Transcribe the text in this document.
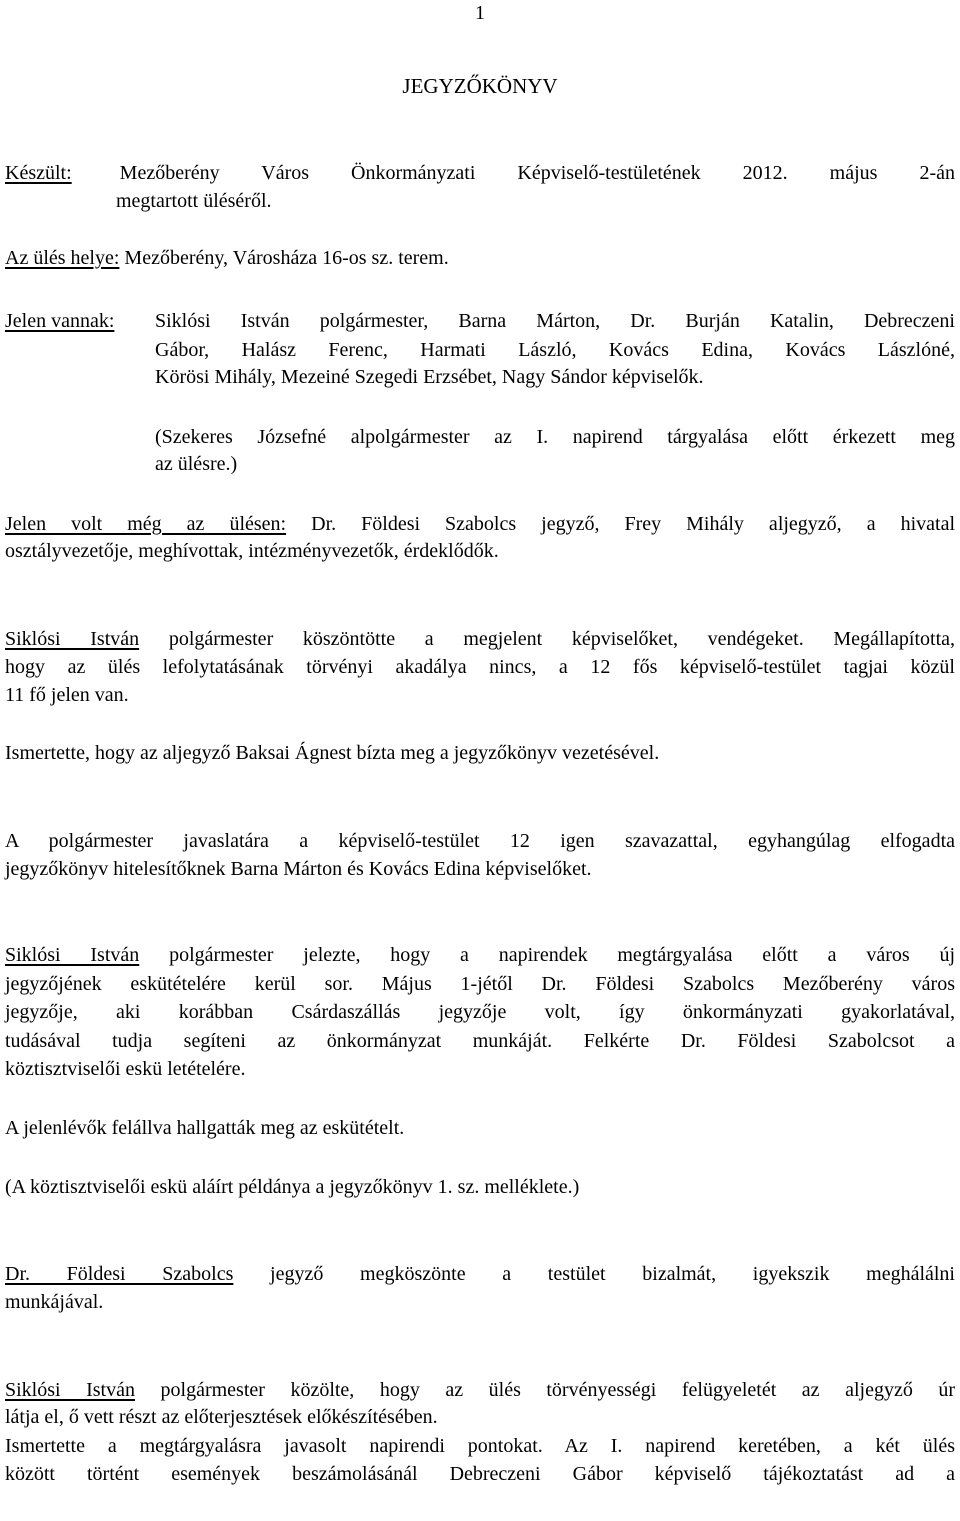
1
JEGYZŐKÖNYV
Készült: Mezőberény Város Önkormányzati Képviselő-testületének 2012. május 2-án
megtartott üléséről.
Az ülés helye: Mezőberény, Városháza 16-os sz. terem.
Jelen vannak:	Siklósi István polgármester, Barna Márton, Dr. Burján Katalin, Debreczeni
Gábor, Halász Ferenc, Harmati László, Kovács Edina, Kovács Lászlóné,
Körösi Mihály, Mezeiné Szegedi Erzsébet, Nagy Sándor képviselők.
(Szekeres Józsefné alpolgármester az I. napirend tárgyalása előtt érkezett meg
az ülésre.)
Jelen volt még az ülésen: Dr. Földesi Szabolcs jegyző, Frey Mihály aljegyző, a hivatal
osztályvezetője, meghívottak, intézményvezetők, érdeklődők.
Siklósi István polgármester köszöntötte a megjelent képviselőket, vendégeket. Megállapította,
hogy az ülés lefolytatásának törvényi akadálya nincs, a 12 fős képviselő-testület tagjai közül
11 fő jelen van.
Ismertette, hogy az aljegyző Baksai Ágnest bízta meg a jegyzőkönyv vezetésével.
A polgármester javaslatára a képviselő-testület 12 igen szavazattal, egyhangúlag elfogadta
jegyzőkönyv hitelesítőknek Barna Márton és Kovács Edina képviselőket.
Siklósi István polgármester jelezte, hogy a napirendek megtárgyalása előtt a város új
jegyzőjének eskütételére kerül sor. Május 1-jétől Dr. Földesi Szabolcs Mezőberény város
jegyzője, aki korábban Csárdaszállás jegyzője volt, így önkormányzati gyakorlatával,
tudásával tudja segíteni az önkormányzat munkáját. Felkérte Dr. Földesi Szabolcsot a
köztisztviselői eskü letételére.
A jelenlévők felállva hallgatták meg az eskütételt.
(A köztisztviselői eskü aláírt példánya a jegyzőkönyv 1. sz. melléklete.)
Dr. Földesi Szabolcs jegyző megköszönte a testület bizalmát, igyekszik meghálálni
munkájával.
Siklósi István polgármester közölte, hogy az ülés törvényességi felügyeletét az aljegyző úr
látja el, ő vett részt az előterjesztések előkészítésében.
Ismertette a megtárgyalásra javasolt napirendi pontokat. Az I. napirend keretében, a két ülés
között történt események beszámolásánál Debreczeni Gábor képviselő tájékoztatást ad a
